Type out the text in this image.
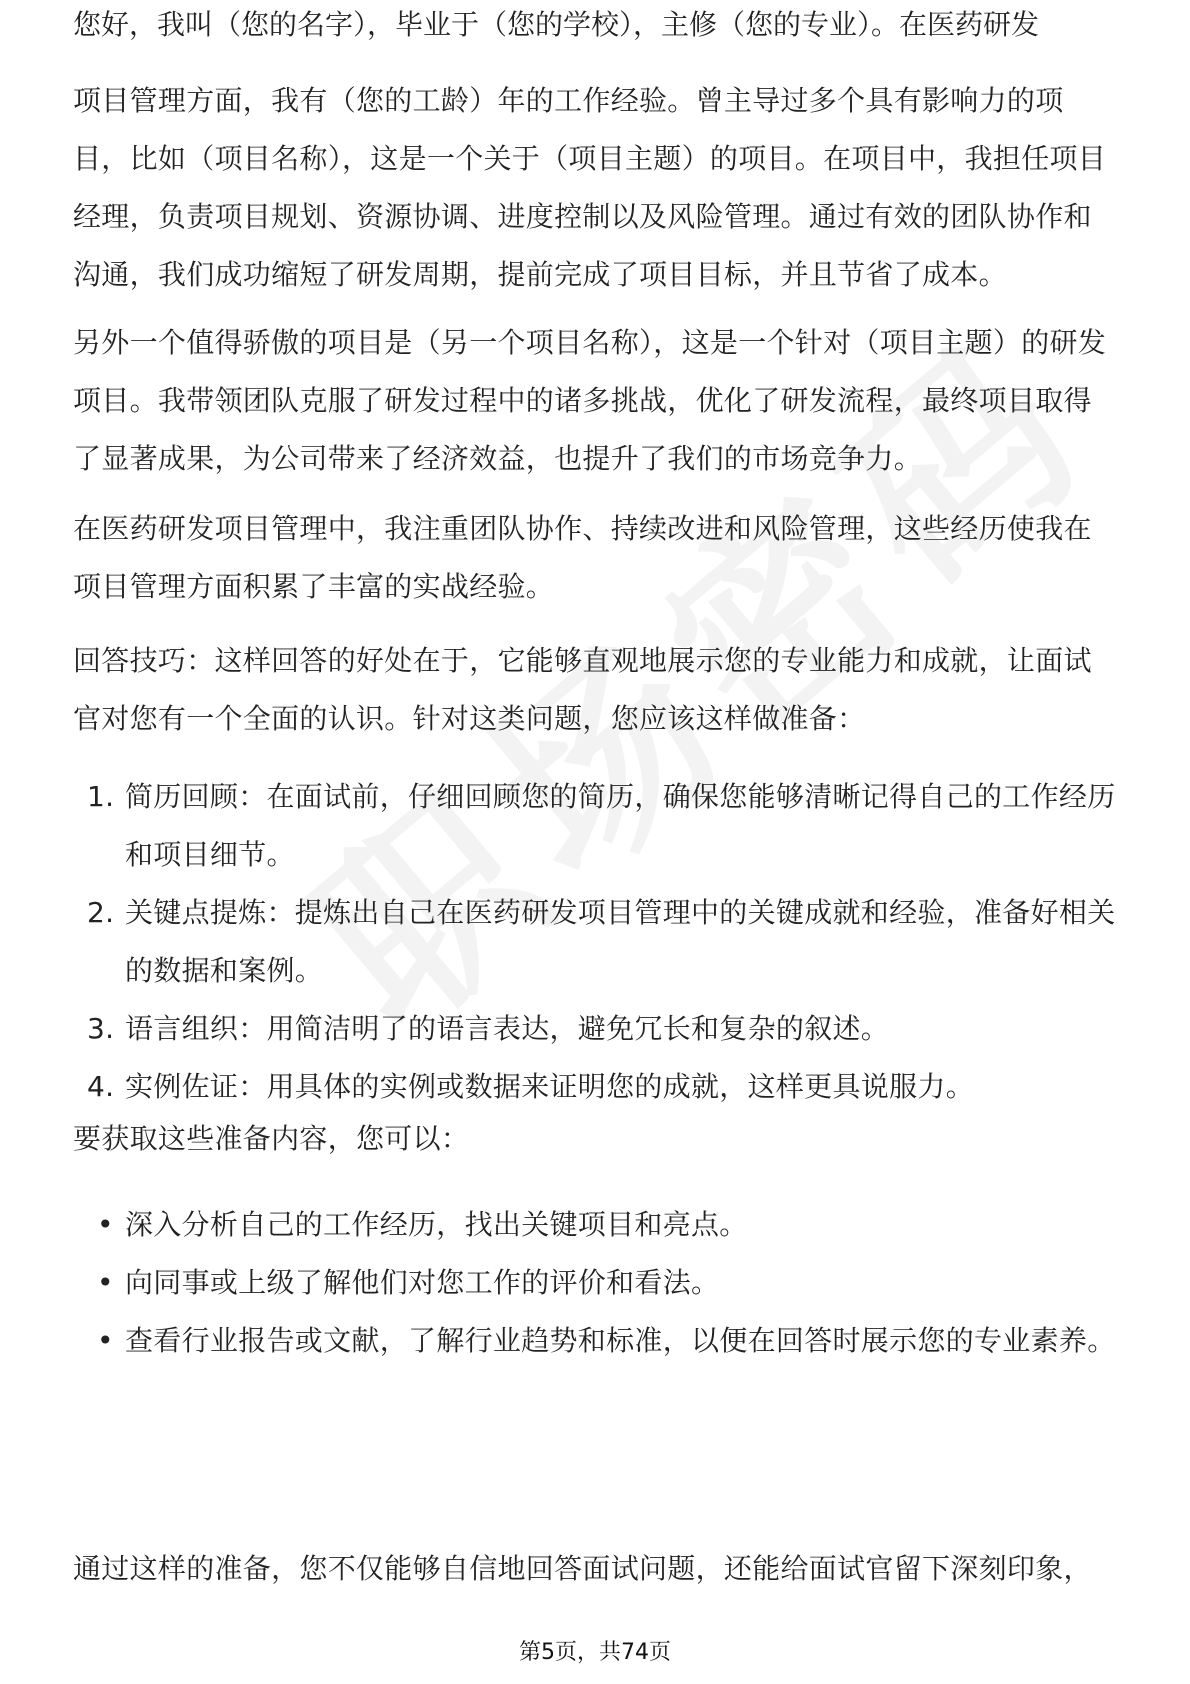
您好，我叫（您的名字），毕业于（您的学校），主修（您的专业）。在医药研发

项目管理方面，我有（您的工龄）年的工作经验。曾主导过多个具有影响力的项目，比如（项目名称），这是一个关于（项目主题）的项目。在项目中，我担任项目经理，负责项目规划、资源协调、进度控制以及风险管理。通过有效的团队协作和沟通，我们成功缩短了研发周期，提前完成了项目目标，并且节省了成本。

另外一个值得骄傲的项目是（另一个项目名称），这是一个针对（项目主题）的研发项目。我带领团队克服了研发过程中的诸多挑战，优化了研发流程，最终项目取得了显著成果，为公司带来了经济效益，也提升了我们的市场竞争力。

在医药研发项目管理中，我注重团队协作、持续改进和风险管理，这些经历使我在项目管理方面积累了丰富的实战经验。

回答技巧：这样回答的好处在于，它能够直观地展示您的专业能力和成就，让面试官对您有一个全面的认识。针对这类问题，您应该这样做准备：

1. 简历回顾：在面试前，仔细回顾您的简历，确保您能够清晰记得自己的工作经历和项目细节。
2. 关键点提炼：提炼出自己在医药研发项目管理中的关键成就和经验，准备好相关的数据和案例。
3. 语言组织：用简洁明了的语言表达，避免冗长和复杂的叙述。
4. 实例佐证：用具体的实例或数据来证明您的成就，这样更具说服力。

要获取这些准备内容，您可以：

• 深入分析自己的工作经历，找出关键项目和亮点。
• 向同事或上级了解他们对您工作的评价和看法。
• 查看行业报告或文献，了解行业趋势和标准，以便在回答时展示您的专业素养。

通过这样的准备，您不仅能够自信地回答面试问题，还能给面试官留下深刻印象，

第5页，共74页
